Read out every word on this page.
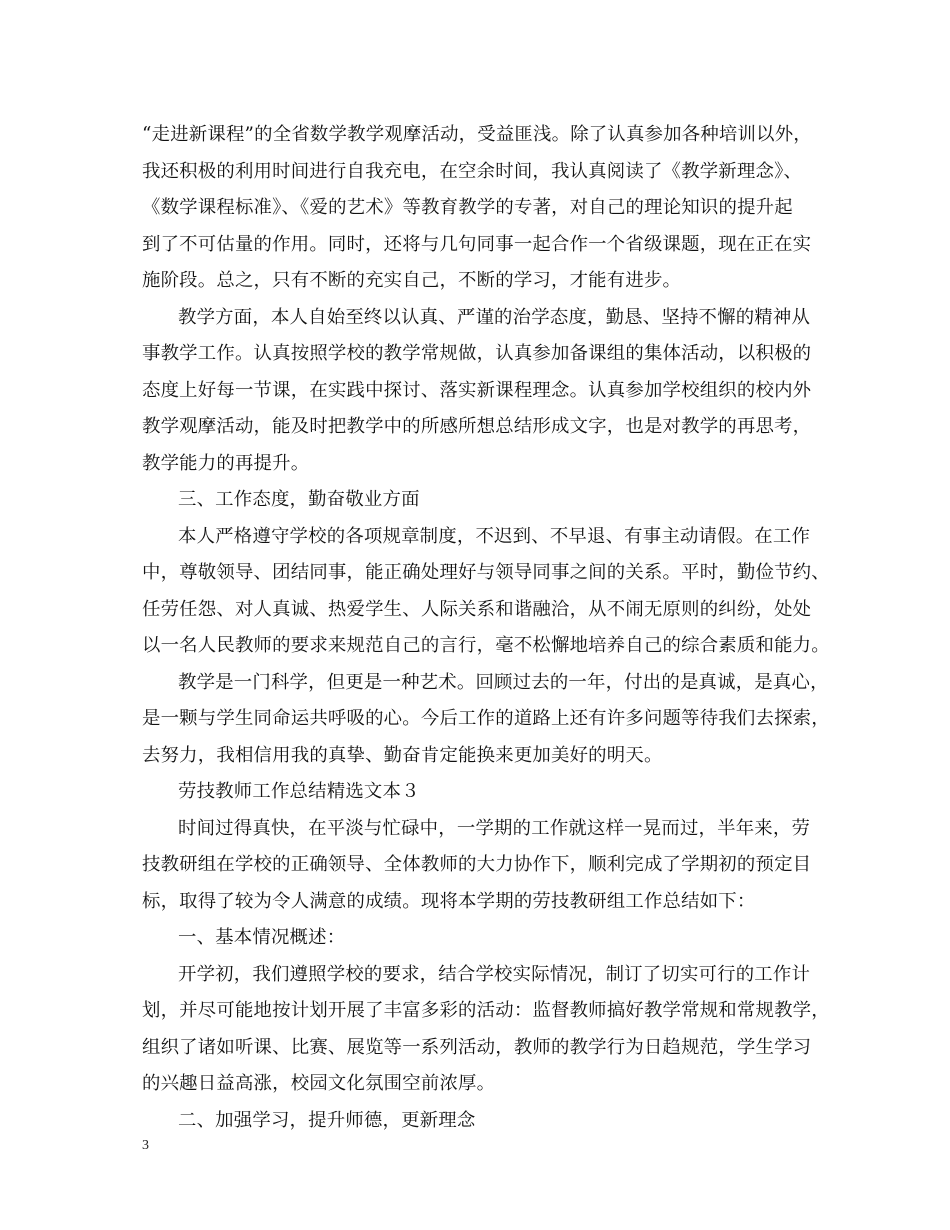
“走进新课程”的全省数学教学观摩活动，受益匪浅。除了认真参加各种培训以外，
我还积极的利用时间进行自我充电，在空余时间，我认真阅读了《教学新理念》、
《数学课程标准》、《爱的艺术》等教育教学的专著，对自己的理论知识的提升起
到了不可估量的作用。同时，还将与几句同事一起合作一个省级课题，现在正在实
施阶段。总之，只有不断的充实自己，不断的学习，才能有进步。
教学方面，本人自始至终以认真、严谨的治学态度，勤恳、坚持不懈的精神从
事教学工作。认真按照学校的教学常规做，认真参加备课组的集体活动，以积极的
态度上好每一节课，在实践中探讨、落实新课程理念。认真参加学校组织的校内外
教学观摩活动，能及时把教学中的所感所想总结形成文字，也是对教学的再思考，
教学能力的再提升。
三、工作态度，勤奋敬业方面
本人严格遵守学校的各项规章制度，不迟到、不早退、有事主动请假。在工作
中，尊敬领导、团结同事，能正确处理好与领导同事之间的关系。平时，勤俭节约、
任劳任怨、对人真诚、热爱学生、人际关系和谐融洽，从不闹无原则的纠纷，处处
以一名人民教师的要求来规范自己的言行，毫不松懈地培养自己的综合素质和能力。
教学是一门科学，但更是一种艺术。回顾过去的一年，付出的是真诚，是真心，
是一颗与学生同命运共呼吸的心。今后工作的道路上还有许多问题等待我们去探索，
去努力，我相信用我的真挚、勤奋肯定能换来更加美好的明天。
劳技教师工作总结精选文本３
时间过得真快，在平淡与忙碌中，一学期的工作就这样一晃而过，半年来，劳
技教研组在学校的正确领导、全体教师的大力协作下，顺利完成了学期初的预定目
标，取得了较为令人满意的成绩。现将本学期的劳技教研组工作总结如下：
一、基本情况概述：
开学初，我们遵照学校的要求，结合学校实际情况，制订了切实可行的工作计
划，并尽可能地按计划开展了丰富多彩的活动：监督教师搞好教学常规和常规教学，
组织了诸如听课、比赛、展览等一系列活动，教师的教学行为日趋规范，学生学习
的兴趣日益高涨，校园文化氛围空前浓厚。
二、加强学习，提升师德，更新理念
3
